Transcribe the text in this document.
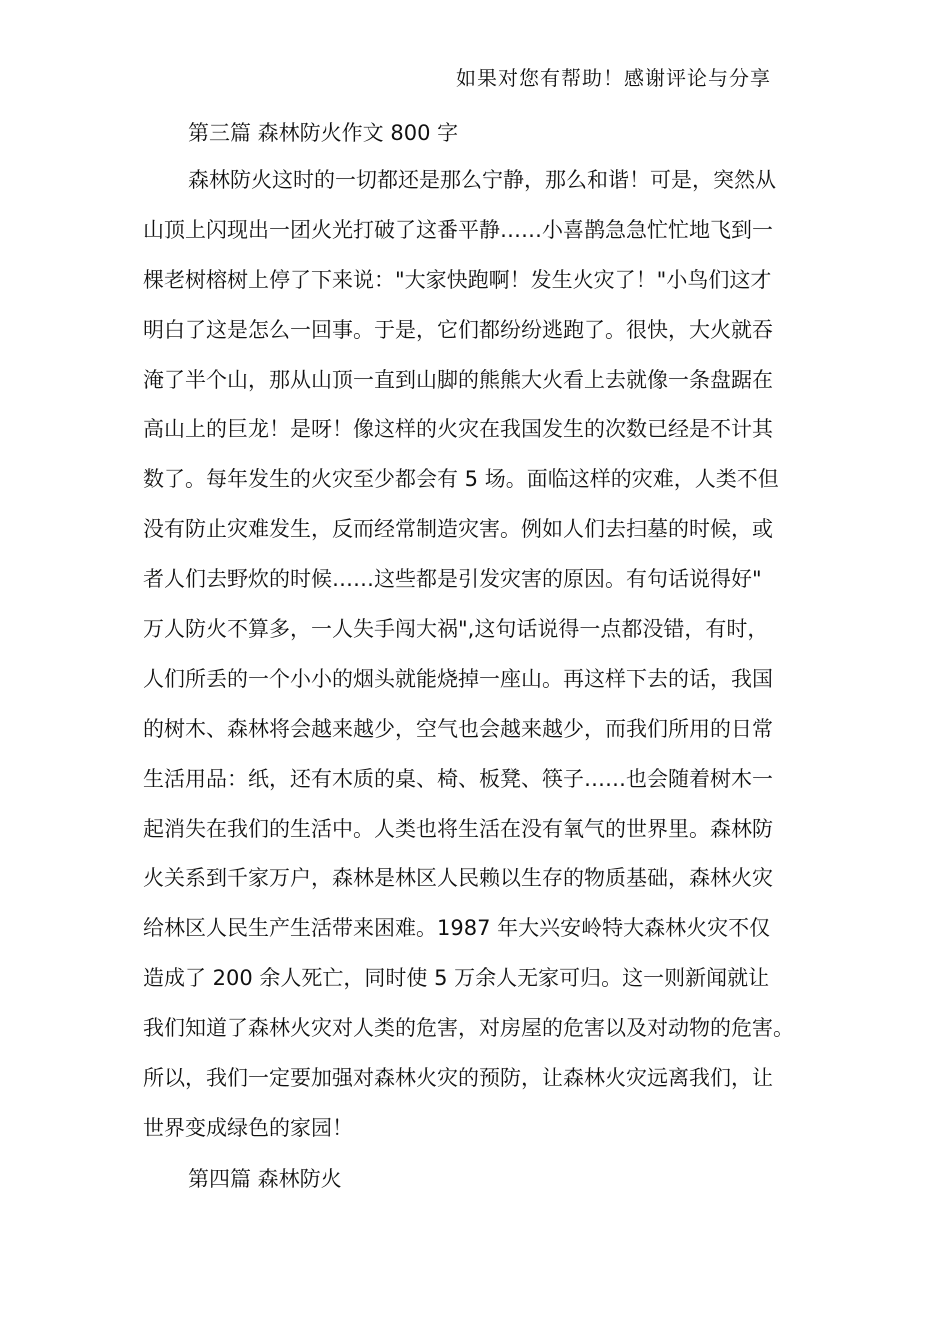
如果对您有帮助！感谢评论与分享
第三篇 森林防火作文 800 字
森林防火这时的一切都还是那么宁静，那么和谐！可是，突然从
山顶上闪现出一团火光打破了这番平静……小喜鹊急急忙忙地飞到一
棵老树榕树上停了下来说："大家快跑啊！发生火灾了！"小鸟们这才
明白了这是怎么一回事。于是，它们都纷纷逃跑了。很快，大火就吞
淹了半个山，那从山顶一直到山脚的熊熊大火看上去就像一条盘踞在
高山上的巨龙！是呀！像这样的火灾在我国发生的次数已经是不计其
数了。每年发生的火灾至少都会有 5 场。面临这样的灾难，人类不但
没有防止灾难发生，反而经常制造灾害。例如人们去扫墓的时候，或
者人们去野炊的时候……这些都是引发灾害的原因。有句话说得好"
万人防火不算多，一人失手闯大祸",这句话说得一点都没错，有时，
人们所丢的一个小小的烟头就能烧掉一座山。再这样下去的话，我国
的树木、森林将会越来越少，空气也会越来越少，而我们所用的日常
生活用品：纸，还有木质的桌、椅、板凳、筷子……也会随着树木一
起消失在我们的生活中。人类也将生活在没有氧气的世界里。森林防
火关系到千家万户，森林是林区人民赖以生存的物质基础，森林火灾
给林区人民生产生活带来困难。1987 年大兴安岭特大森林火灾不仅
造成了 200 余人死亡，同时使 5 万余人无家可归。这一则新闻就让
我们知道了森林火灾对人类的危害，对房屋的危害以及对动物的危害。
所以，我们一定要加强对森林火灾的预防，让森林火灾远离我们，让
世界变成绿色的家园！
第四篇 森林防火
